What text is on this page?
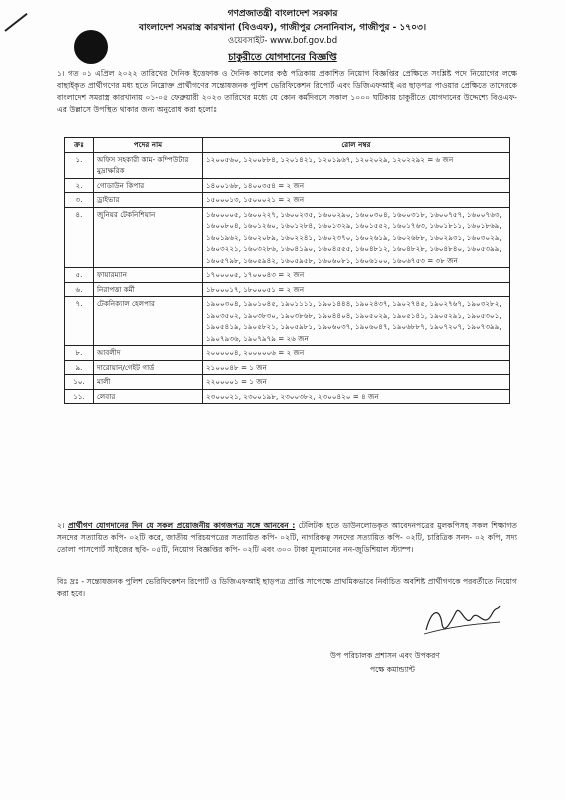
গণপ্রজাতন্ত্রী বাংলাদেশ সরকার
বাংলাদেশ সমরাস্ত্র কারখানা (বিওএফ), গাজীপুর সেনানিবাস, গাজীপুর - ১৭০৩।
ওয়েবসাইট- www.bof.gov.bd
চাকুরীতে যোগদানের বিজ্ঞপ্তি
১। গত ০১ এপ্রিল ২০২২ তারিখের দৈনিক ইত্তেফাক ও দৈনিক কালের কণ্ঠ পত্রিকায় প্রকাশিত নিয়োগ বিজ্ঞপ্তির প্রেক্ষিতে সংশ্লিষ্ট পদে নিয়োগের লক্ষে বাছাইকৃত প্রার্থীগণের মধ্য হতে নিম্নোক্ত প্রার্থীগণের সন্তোষজনক পুলিশ ভেরিফিকেশন রিপোর্ট এবং ডিজিএফআই এর ছাড়পত্র পাওয়ার প্রেক্ষিতে তাদেরকে বাংলাদেশ সমরাস্ত্র কারখানায় ০১-০৫ ফেব্রুয়ারী ২০২৩ তারিখের মধ্যে যে কোন কর্মদিবসে সকাল ১০০০ ঘটিকায় চাকুরীতে যোগদানের উদ্দেশ্যে বিওএফ-এর উল্লাসে উপস্থিত থাকার জন্য অনুরোধ করা হলোঃ
ক্রঃ	পদের নাম	রোল নম্বর
১.	অফিস সহকারী কাম- কম্পিউটার মুদ্রাক্ষরিক	১২০০৫৬০, ১২০০৮৮৪, ১২০১৪২১, ১২০১৯৬৭, ১২০২০২৯, ১২০২২৯২ = ৬ জন
২.	গোডাউন কিপার	১৪০০১৬৮, ১৪০০৩৫৪ = ২ জন
৩.	ড্রাইভার	১৫০০০১৩, ১৫০০০২১ = ২ জন
৪.	জুনিয়র টেকনিশিয়ান	১৬০০০০৫, ১৬০০২২৭, ১৬০০২৩৫, ১৬০০২৯০, ১৬০০৩০৪, ১৬০০৩১৮, ১৬০০৭৫৭, ১৬০০৭৬৩, ১৬০০৮০৪, ১৬০১২৬০, ১৬০১২৮৪, ১৬০১৩২৯, ১৬০১৫৫২, ১৬০১৭৬৩, ১৬০১৮১১, ১৬০১৮৬৯, ১৬০১৯৬২, ১৬০২০৮৯, ১৬০২২৪১, ১৬০২৩৭০, ১৬০২৬১৯, ১৬০২৬৮৮, ১৬০২৯৩১, ১৬০৩০২৯, ১৬০৩২২১, ১৬০৩২৮৬, ১৬০৪১৯০, ১৬০৪৫৫৫, ১৬০৪৮১২, ১৬০৪৮২৮, ১৬০৪৮৪০, ১৬০৫৩৯৯, ১৬০৫৭৯৮, ১৬০৫৯৪২, ১৬০৫৯৫৮, ১৬০৬০৮১, ১৬০৬১০০, ১৬০৬৭৫৩ = ৩৮ জন
৫.	ফায়ারম্যান	১৭০০০০৫, ১৭০০০৪৩ = ২ জন
৬.	নিরাপত্তা কর্মী	১৮০০০১৭, ১৮০০০৫১ = ২ জন
৭.	টেকনিক্যাল হেলপার	১৯০০৩০৪, ১৯০১০৪৫, ১৯০১১১১, ১৯০১৪৪৪, ১৯০২৪৩৭, ১৯০২৭৪৫, ১৯০২৭৬৭, ১৯০৩২৮২, ১৯০৩৫০২, ১৯০৩৮৩০, ১৯০৩৮৬৮, ১৯০৪৪০৪, ১৯০৫০২৯, ১৯০৫১৪১, ১৯০৫২৯১, ১৯০৫৩০১, ১৯০৫৪১৯, ১৯০৫৮২১, ১৯০৫৯৮১, ১৯০৬০৩৭, ১৯০৬০৪৭, ১৯০৬৮৮৭, ১৯০৭২০৭, ১৯০৭৩৯৯, ১৯০৭৯৩৬, ১৯০৭৯৭৯ = ২৬ জন
৮.	আবলীদ	২০০০০০৪, ২০০০০০৬ = ২ জন
৯.	দারোয়ান/গেইট গার্ড	২১০০০৪৮ = ১ জন
১০.	মালী	২২০০০০১ = ১ জন
১১.	লেবার	২৩০০০২১, ২৩০০১৯৮, ২৩০০৩৮২, ২৩০০৪২০ = ৪ জন
২। প্রার্থীগণ যোগদানের দিন যে সকল প্রয়োজনীয় কাগজপত্র সঙ্গে আনবেন : টেলিটক হতে ডাউনলোডকৃত আবেদনপত্রের মুলকপিসহ সকল শিক্ষাগত সনদের সত্যায়িত কপি- ০২টি করে, জাতীয় পরিচয়পত্রের সত্যায়িত কপি- ০২টি, নাগরিকত্ব সনদের সত্যায়িত কপি- ০২টি, চারিত্রিক সনদ- ০২ কপি, সদ্য তোলা পাসপোর্ট সাইজের ছবি- ০৫টি, নিয়োগ বিজ্ঞপ্তির কপি- ০২টি এবং ৩০০ টাকা মূল্যমানের নন-জুডিশিয়াল স্ট্যাম্প।
বিঃ দ্রঃ - সন্তোষজনক পুলিশ ভেরিফিকেশন রিপোর্ট ও ডিজিএফআই ছাড়পত্র প্রাপ্তি সাপেক্ষে প্রাথমিকভাবে নির্বাচিত অবশিষ্ট প্রার্থীগণকে পরবর্তীতে নিয়োগ করা হবে।
উপ পরিচালক প্রশাসন এবং উপকরণ
পক্ষে কমান্ড্যান্ট
